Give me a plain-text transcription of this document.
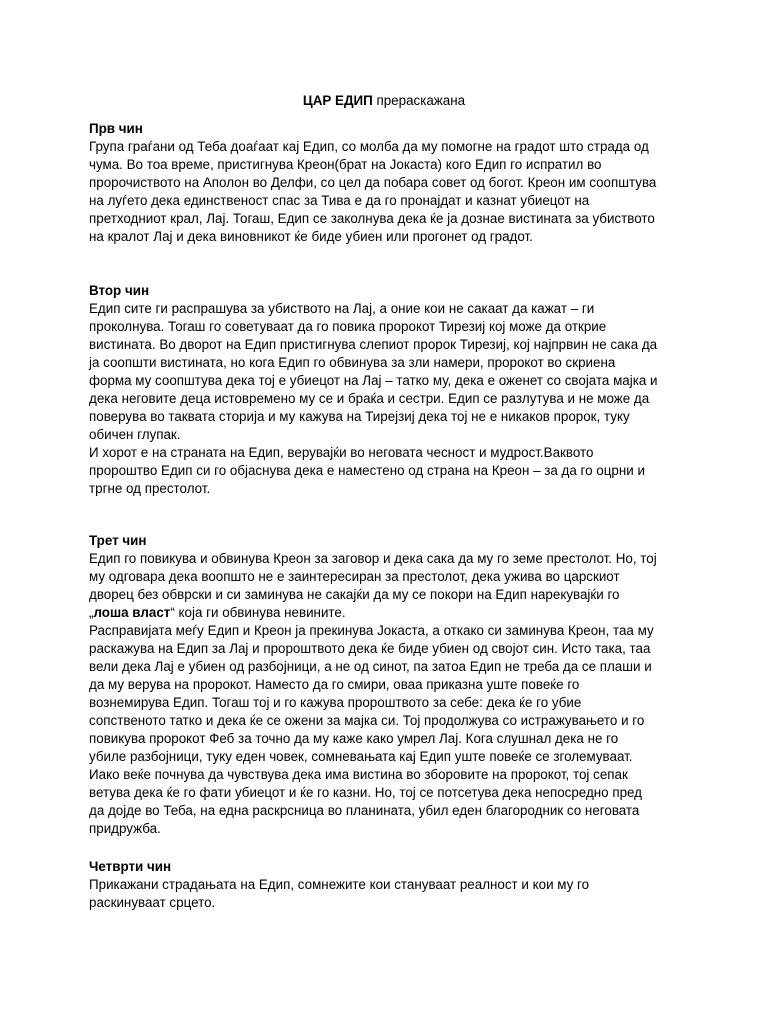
ЦАР ЕДИП прераскажана

Прв чин

Група граѓани од Теба доаѓаат кај Едип, со молба да му помогне на градот што страда од
чума. Во тоа време, пристигнува Креон(брат на Јокаста) кого Едип го испратил во
пророчиството на Аполон во Делфи, со цел да побара совет од богот. Креон им соопштува
на луѓето дека единственост спас за Тива е да го пронајдат и казнат убиецот на
претходниот крал, Лај. Тогаш, Едип се заколнува дека ќе ја дознае вистината за убиството
на кралот Лај и дека виновникот ќе биде убиен или прогонет од градот.

Втор чин

Едип сите ги распрашува за убиството на Лај, а оние кои не сакаат да кажат – ги
проколнува. Тогаш го советуваат да го повика пророкот Тирезиј кој може да открие
вистината. Во дворот на Едип пристигнува слепиот пророк Тирезиј, кој најпрвин не сака да
ја соопшти вистината, но кога Едип го обвинува за зли намери, пророкот во скриена
форма му соопштува дека тој е убиецот на Лај – татко му, дека е оженет со својата мајка и
дека неговите деца истовремено му се и браќа и сестри. Едип се разлутува и не може да
поверува во таквата сторија и му кажува на Тирејзиј дека тој не е никаков пророк, туку
обичен глупак.
И хорот е на страната на Едип, верувајќи во неговата чесност и мудрост.Ваквото
пророштво Едип си го објаснува дека е наместено од страна на Креон – за да го оцрни и
тргне од престолот.

Трет чин

Едип го повикува и обвинува Креон за заговор и дека сака да му го земе престолот. Но, тој
му одговара дека воопшто не е заинтересиран за престолот, дека ужива во царскиот
дворец без обврски и си заминува не сакајќи да му се покори на Едип нарекувајќи го
„лоша власт“ која ги обвинува невините.
Расправијата меѓу Едип и Креон ја прекинува Јокаста, а откако си заминува Креон, таа му
раскажува на Едип за Лај и пророштвото дека ќе биде убиен од својот син. Исто така, таа
вели дека Лај е убиен од разбојници, а не од синот, па затоа Едип не треба да се плаши и
да му верува на пророкот. Наместо да го смири, оваа приказна уште повеќе го
вознемирува Едип. Тогаш тој и го кажува пророштвото за себе: дека ќе го убие
сопственото татко и дека ќе се ожени за мајка си. Тој продолжува со истражувањето и го
повикува пророкот Феб за точно да му каже како умрел Лај. Кога слушнал дека не го
убиле разбојници, туку еден човек, сомневањата кај Едип уште повеќе се зголемуваат.
Иако веќе почнува да чувствува дека има вистина во зборовите на пророкот, тој сепак
ветува дека ќе го фати убиецот и ќе го казни. Но, тој се потсетува дека непосредно пред
да дојде во Теба, на една раскрсница во планината, убил еден благородник со неговата
придружба.

Четврти чин

Прикажани страдањата на Едип, сомнежите кои стануваат реалност и кои му го
раскинуваат срцето.
